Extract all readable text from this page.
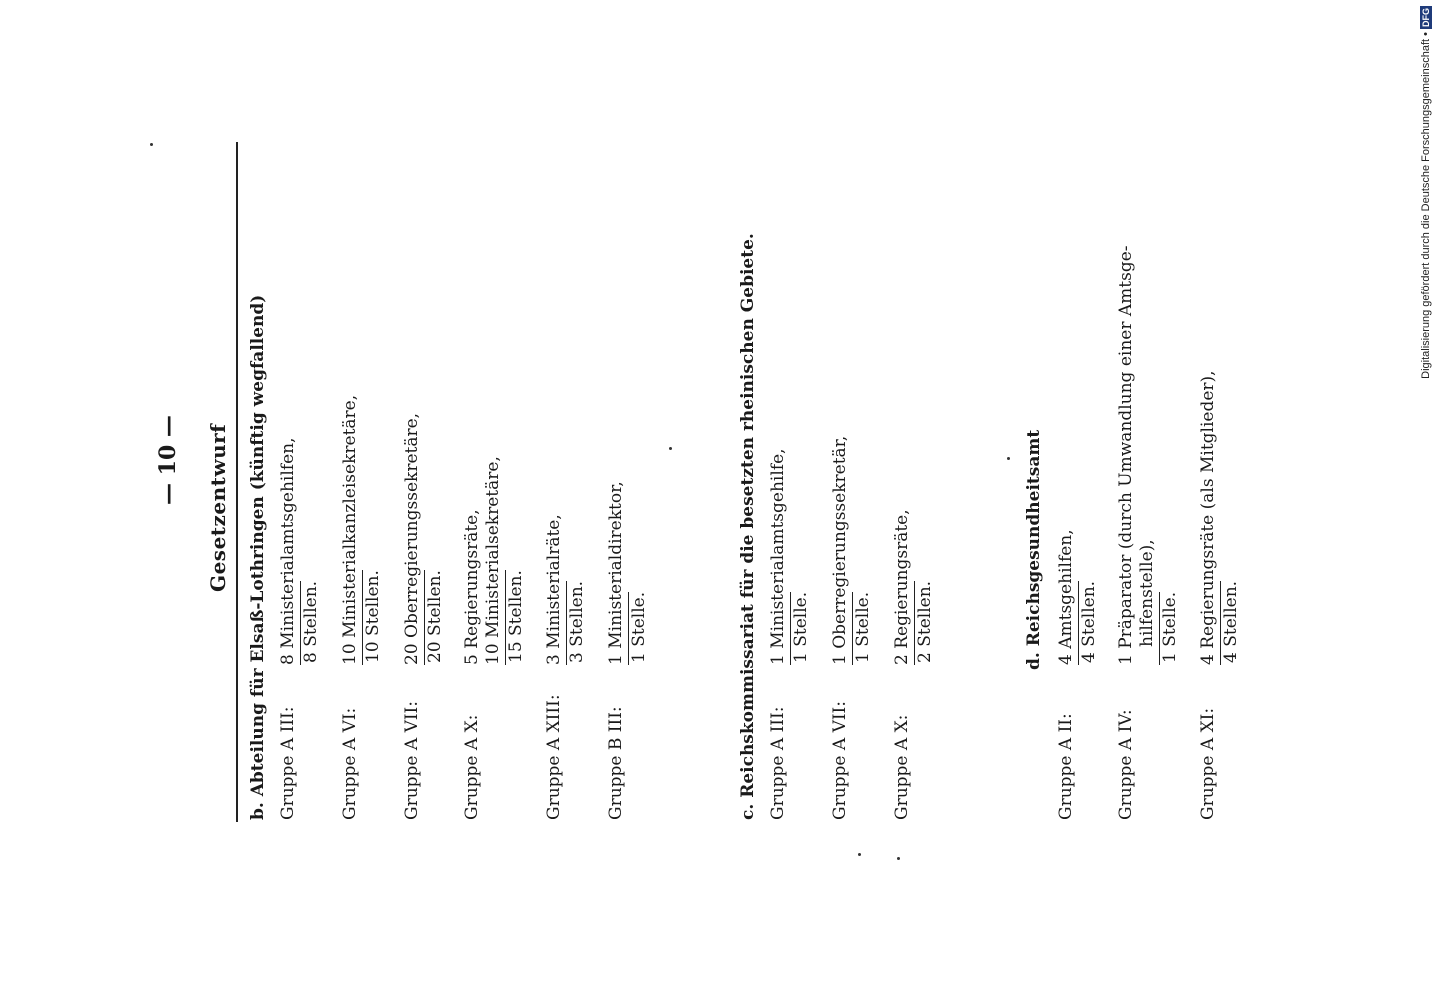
Digitalisierung gefördert durch die Deutsche Forschungsgemeinschaft •
DFG
— 10 — Gesetzentwurf b. Abteilung für Elsaß-Lothringen (künftig wegfallend) Gruppe A III:
8 Ministerialamtsgehilfen, 8 Stellen.
Gruppe A VI:
10 Ministerialkanzleisekretäre, 10 Stellen.
Gruppe A VII:
20 Oberregierungssekretäre, 20 Stellen.
Gruppe A X:
5 Regierungsräte, 10 Ministerialsekretäre, 15 Stellen.
Gruppe A XIII:
3 Ministerialräte, 3 Stellen.
Gruppe B III:
1 Ministerialdirektor, 1 Stelle.	c. Reichskommissariat für die besetzten rheinischen Gebiete. Gruppe A III:
1 Ministerialamtsgehilfe, 1 Stelle.
Gruppe A VII:
1 Oberregierungssekretär, 1 Stelle.
Gruppe A X:
2 Regierungsräte, 2 Stellen.	d. Reichsgesundheitsamt
Gruppe A II:
4 Amtsgehilfen, 4 Stellen.
Gruppe A IV:
1 Präparator (durch Umwandlung einer Amtsge- hilfenstelle), 1 Stelle.
Gruppe A XI:
4 Regierungsräte (als Mitglieder), 4 Stellen.
